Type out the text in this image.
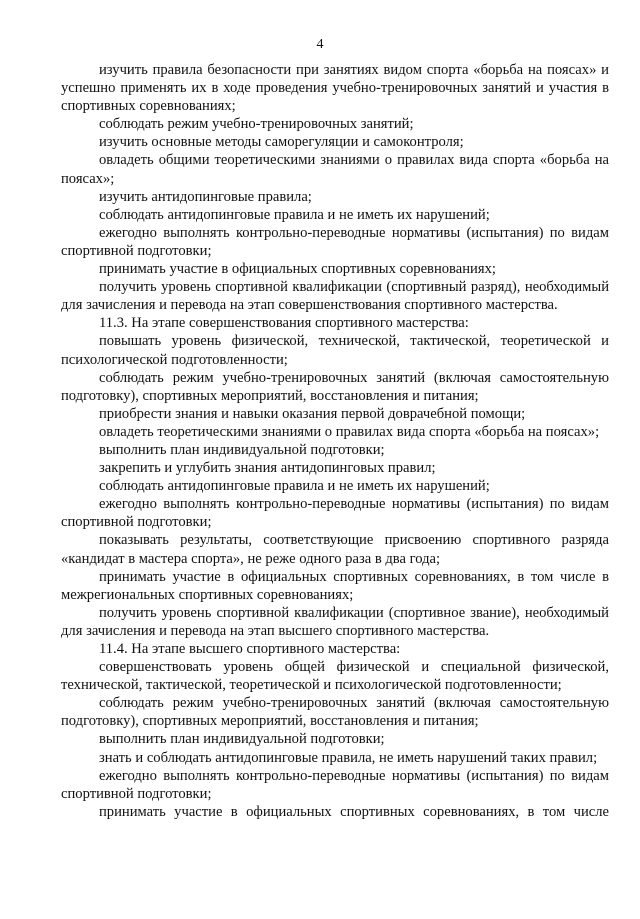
4

изучить правила безопасности при занятиях видом спорта «борьба на поясах» и успешно применять их в ходе проведения учебно-тренировочных занятий и участия в спортивных соревнованиях;

соблюдать режим учебно-тренировочных занятий;

изучить основные методы саморегуляции и самоконтроля;

овладеть общими теоретическими знаниями о правилах вида спорта «борьба на поясах»;

изучить антидопинговые правила;

соблюдать антидопинговые правила и не иметь их нарушений;

ежегодно выполнять контрольно-переводные нормативы (испытания) по видам спортивной подготовки;

принимать участие в официальных спортивных соревнованиях;

получить уровень спортивной квалификации (спортивный разряд), необходимый для зачисления и перевода на этап совершенствования спортивного мастерства.

11.3. На этапе совершенствования спортивного мастерства:

повышать уровень физической, технической, тактической, теоретической и психологической подготовленности;

соблюдать режим учебно-тренировочных занятий (включая самостоятельную подготовку), спортивных мероприятий, восстановления и питания;

приобрести знания и навыки оказания первой доврачебной помощи;

овладеть теоретическими знаниями о правилах вида спорта «борьба на поясах»;

выполнить план индивидуальной подготовки;

закрепить и углубить знания антидопинговых правил;

соблюдать антидопинговые правила и не иметь их нарушений;

ежегодно выполнять контрольно-переводные нормативы (испытания) по видам спортивной подготовки;

показывать результаты, соответствующие присвоению спортивного разряда «кандидат в мастера спорта», не реже одного раза в два года;

принимать участие в официальных спортивных соревнованиях, в том числе в межрегиональных спортивных соревнованиях;

получить уровень спортивной квалификации (спортивное звание), необходимый для зачисления и перевода на этап высшего спортивного мастерства.

11.4. На этапе высшего спортивного мастерства:

совершенствовать уровень общей физической и специальной физической, технической, тактической, теоретической и психологической подготовленности;

соблюдать режим учебно-тренировочных занятий (включая самостоятельную подготовку), спортивных мероприятий, восстановления и питания;

выполнить план индивидуальной подготовки;

знать и соблюдать антидопинговые правила, не иметь нарушений таких правил;

ежегодно выполнять контрольно-переводные нормативы (испытания) по видам спортивной подготовки;

принимать участие в официальных спортивных соревнованиях, в том числе
